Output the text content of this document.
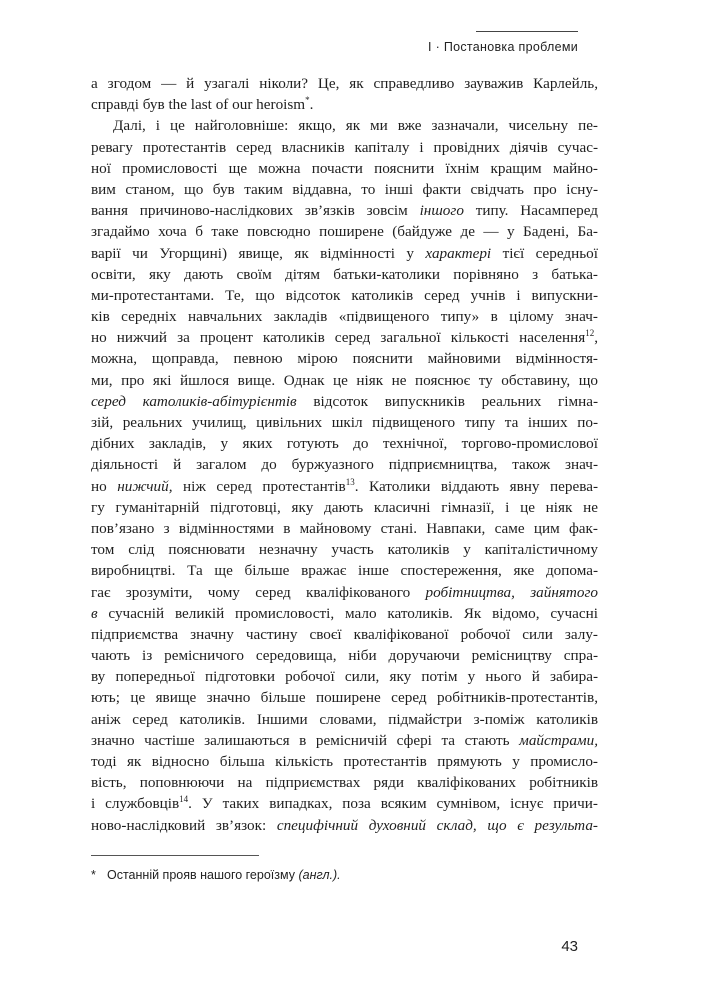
І · Постановка проблеми
а згодом — й узагалі ніколи? Це, як справедливо зауважив Карлейль,
справді був the last of our heroism*.
Далі, і це найголовніше: якщо, як ми вже зазначали, чисельну пе-
ревагу протестантів серед власників капіталу і провідних діячів сучас-
ної промисловості ще можна почасти пояснити їхнім кращим майно-
вим станом, що був таким віддавна, то інші факти свідчать про існу-
вання причиново-наслідкових зв’язків зовсім іншого типу. Насамперед
згадаймо хоча б таке повсюдно поширене (байдуже де — у Бадені, Ба-
варії чи Угорщині) явище, як відмінності у характері тієї середньої
освіти, яку дають своїм дітям батьки-католики порівняно з батька-
ми-протестантами. Те, що відсоток католиків серед учнів і випускни-
ків середніх навчальних закладів «підвищеного типу» в цілому знач-
но нижчий за процент католиків серед загальної кількості населення$^{12}$,
можна, щоправда, певною мірою пояснити майновими відмінностя-
ми, про які йшлося вище. Однак це ніяк не пояснює ту обставину, що
серед католиків-абітурієнтів відсоток випускників реальних гімна-
зій, реальних училищ, цивільних шкіл підвищеного типу та інших по-
дібних закладів, у яких готують до технічної, торгово-промислової
діяльності й загалом до буржуазного підприємництва, також знач-
но нижчий, ніж серед протестантів$^{13}$. Католики віддають явну перева-
гу гуманітарній підготовці, яку дають класичні гімназії, і це ніяк не
пов’язано з відмінностями в майновому стані. Навпаки, саме цим фак-
том слід пояснювати незначну участь католиків у капіталістичному
виробництві. Та ще більше вражає інше спостереження, яке допома-
гає зрозуміти, чому серед кваліфікованого робітництва, зайнятого
в сучасній великій промисловості, мало католиків. Як відомо, сучасні
підприємства значну частину своєї кваліфікованої робочої сили залу-
чають із ремісничого середовища, ніби доручаючи ремісництву спра-
ву попередньої підготовки робочої сили, яку потім у нього й забира-
ють; це явище значно більше поширене серед робітників-протестантів,
аніж серед католиків. Іншими словами, підмайстри з-поміж католиків
значно частіше залишаються в ремісничій сфері та стають майстрами,
тоді як відносно більша кількість протестантів прямують у промисло-
вість, поповнюючи на підприємствах ряди кваліфікованих робітників
і службовців$^{14}$. У таких випадках, поза всяким сумнівом, існує причи-
ново-наслідковий зв’язок: специфічний духовний склад, що є результа-
* Останній прояв нашого героїзму (англ.).
43
